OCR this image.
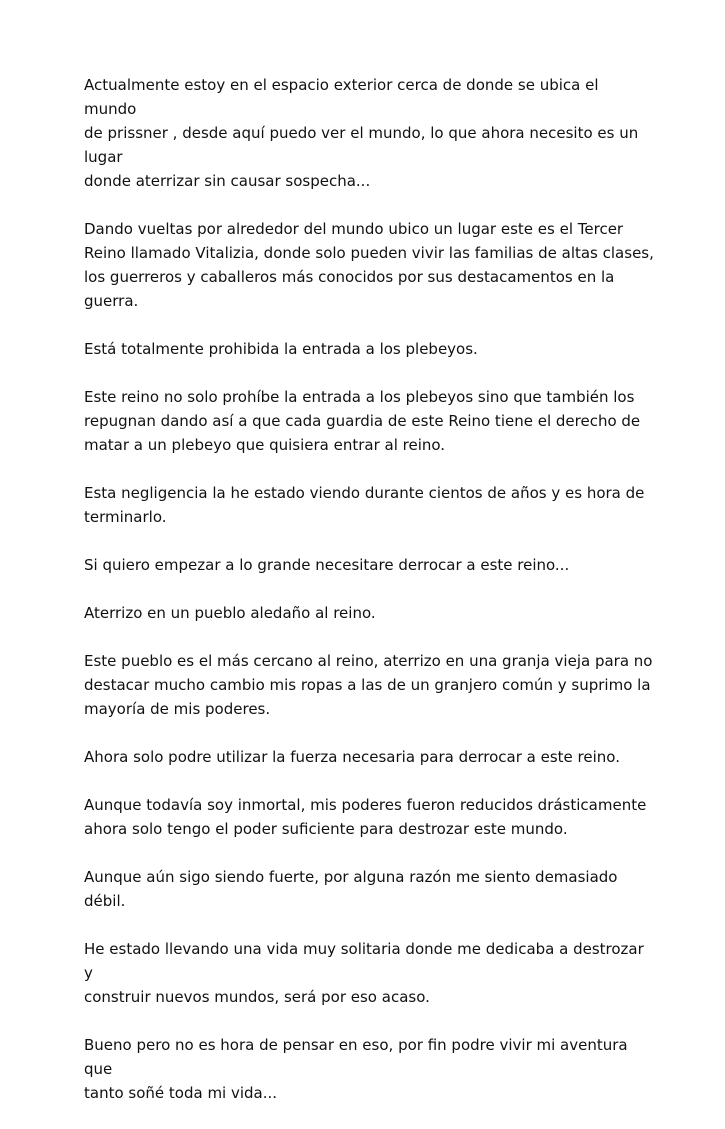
Actualmente estoy en el espacio exterior cerca de donde se ubica el mundo
de prissner , desde aquí puedo ver el mundo, lo que ahora necesito es un lugar
donde aterrizar sin causar sospecha...

Dando vueltas por alrededor del mundo ubico un lugar este es el Tercer
Reino llamado Vitalizia, donde solo pueden vivir las familias de altas clases,
los guerreros y caballeros más conocidos por sus destacamentos en la guerra.

Está totalmente prohibida la entrada a los plebeyos.

Este reino no solo prohíbe la entrada a los plebeyos sino que también los
repugnan dando así a que cada guardia de este Reino tiene el derecho de
matar a un plebeyo que quisiera entrar al reino.

Esta negligencia la he estado viendo durante cientos de años y es hora de
terminarlo.

Si quiero empezar a lo grande necesitare derrocar a este reino...

Aterrizo en un pueblo aledaño al reino.

Este pueblo es el más cercano al reino, aterrizo en una granja vieja para no
destacar mucho cambio mis ropas a las de un granjero común y suprimo la
mayoría de mis poderes.

Ahora solo podre utilizar la fuerza necesaria para derrocar a este reino.

Aunque todavía soy inmortal, mis poderes fueron reducidos drásticamente
ahora solo tengo el poder suficiente para destrozar este mundo.

Aunque aún sigo siendo fuerte, por alguna razón me siento demasiado débil.

He estado llevando una vida muy solitaria donde me dedicaba a destrozar y
construir nuevos mundos, será por eso acaso.

Bueno pero no es hora de pensar en eso, por fin podre vivir mi aventura que
tanto soñé toda mi vida...
